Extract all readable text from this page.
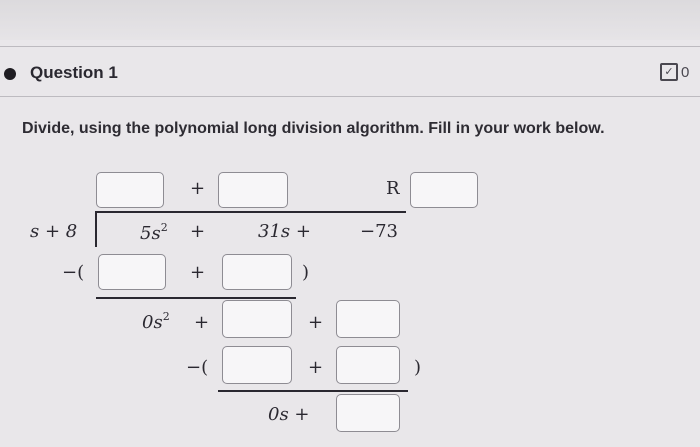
Question 1	✓ 0
Divide, using the polynomial long division algorithm. Fill in your work below.
+	R
s + 8	$5s^2$ +	31s +	−73
−(	+	)
$0s^2$ +	+
−(	+	)
0s +
